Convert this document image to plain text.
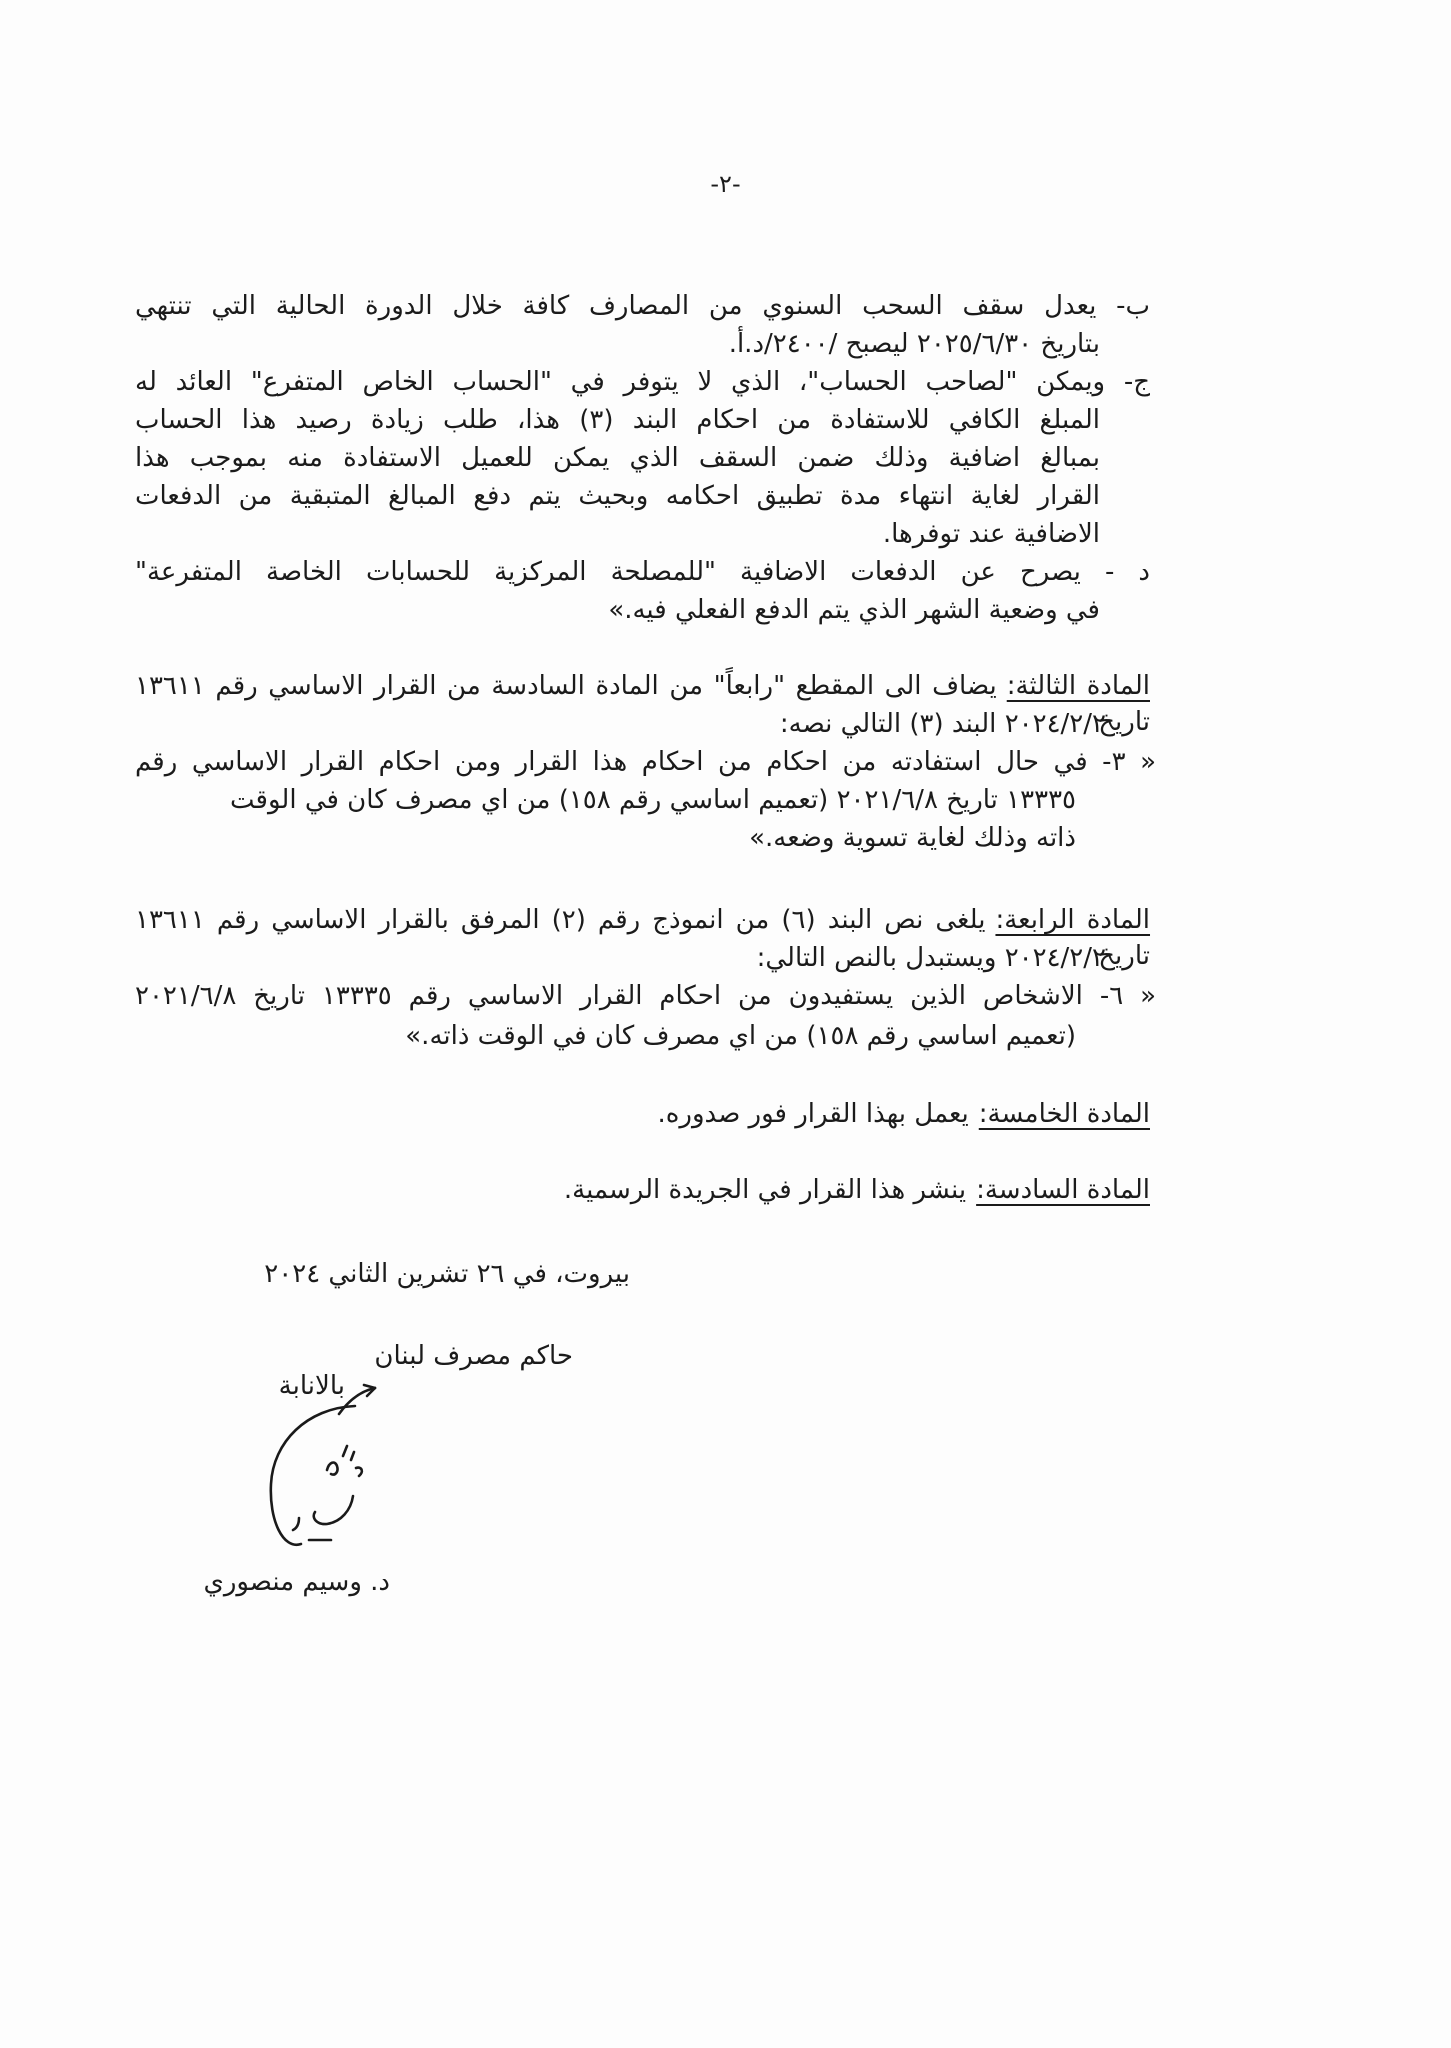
-٢-
ب- يعدل سقف السحب السنوي من المصارف كافة خلال الدورة الحالية التي تنتهي
بتاريخ ٢٠٢٥/٦/٣٠ ليصبح /٢٤٠٠/د.أ.
ج- ويمكن "لصاحب الحساب"، الذي لا يتوفر في "الحساب الخاص المتفرع" العائد له
المبلغ الكافي للاستفادة من احكام البند (٣) هذا، طلب زيادة رصيد هذا الحساب
بمبالغ اضافية وذلك ضمن السقف الذي يمكن للعميل الاستفادة منه بموجب هذا
القرار لغاية انتهاء مدة تطبيق احكامه وبحيث يتم دفع المبالغ المتبقية من الدفعات
الاضافية عند توفرها.
د - يصرح عن الدفعات الاضافية "للمصلحة المركزية للحسابات الخاصة المتفرعة"
في وضعية الشهر الذي يتم الدفع الفعلي فيه.»
المادة الثالثة:يضاف الى المقطع "رابعاً" من المادة السادسة من القرار الاساسي رقم ١٣٦١١ تاريخ
٢٠٢٤/٢/٢ البند (٣) التالي نصه:
« ٣- في حال استفادته من احكام من احكام هذا القرار ومن احكام القرار الاساسي رقم
١٣٣٣٥ تاريخ ٢٠٢١/٦/٨ (تعميم اساسي رقم ١٥٨) من اي مصرف كان في الوقت
ذاته وذلك لغاية تسوية وضعه.»
المادة الرابعة:يلغى نص البند (٦) من انموذج رقم (٢) المرفق بالقرار الاساسي رقم ١٣٦١١ تاريخ
٢٠٢٤/٢/٢ ويستبدل بالنص التالي:
« ٦- الاشخاص الذين يستفيدون من احكام القرار الاساسي رقم ١٣٣٣٥ تاريخ ٢٠٢١/٦/٨
(تعميم اساسي رقم ١٥٨) من اي مصرف كان في الوقت ذاته.»
المادة الخامسة:يعمل بهذا القرار فور صدوره.
المادة السادسة:ينشر هذا القرار في الجريدة الرسمية.
بيروت، في ٢٦ تشرين الثاني ٢٠٢٤
حاكم مصرف لبنان
بالانابة
د. وسيم منصوري
